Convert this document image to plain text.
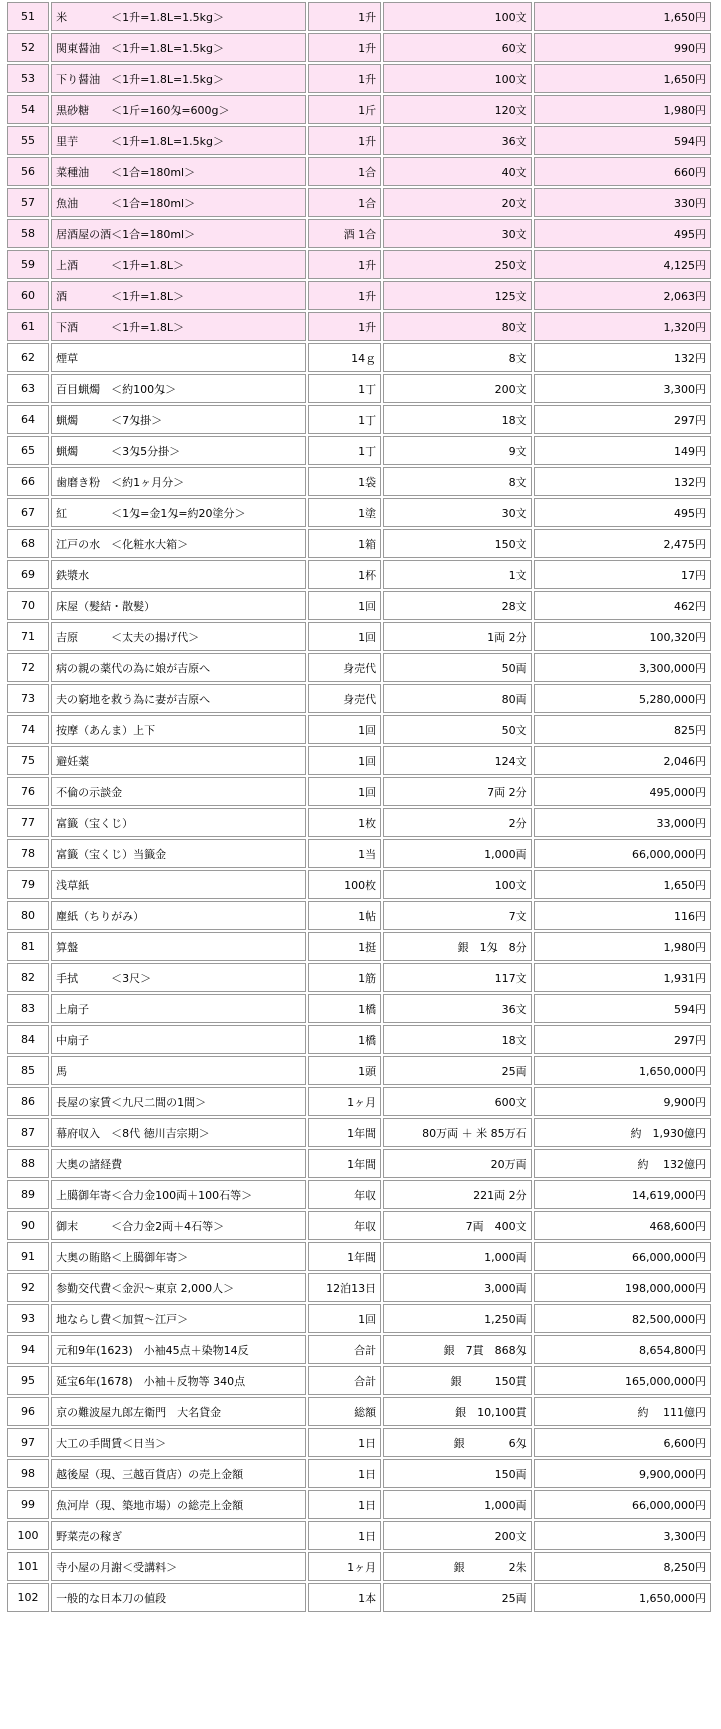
51	米　　　　＜1升=1.8L=1.5kg＞	1升	100文	1,650円
52	関東醤油　＜1升=1.8L=1.5kg＞	1升	60文	990円
53	下り醤油　＜1升=1.8L=1.5kg＞	1升	100文	1,650円
54	黒砂糖　　＜1斤=160匁=600g＞	1斤	120文	1,980円
55	里芋　　　＜1升=1.8L=1.5kg＞	1升	36文	594円
56	菜種油　　＜1合=180ml＞	1合	40文	660円
57	魚油　　　＜1合=180ml＞	1合	20文	330円
58	居酒屋の酒＜1合=180ml＞	酒 1合	30文	495円
59	上酒　　　＜1升=1.8L＞	1升	250文	4,125円
60	酒　　　　＜1升=1.8L＞	1升	125文	2,063円
61	下酒　　　＜1升=1.8L＞	1升	80文	1,320円
62	煙草	14ｇ	8文	132円
63	百目蝋燭　＜約100匁＞	1丁	200文	3,300円
64	蝋燭　　　＜7匁掛＞	1丁	18文	297円
65	蝋燭　　　＜3匁5分掛＞	1丁	9文	149円
66	歯磨き粉　＜約1ヶ月分＞	1袋	8文	132円
67	紅　　　　＜1匁=金1匁=約20塗分＞	1塗	30文	495円
68	江戸の水　＜化粧水大箱＞	1箱	150文	2,475円
69	鉄漿水	1杯	1文	17円
70	床屋（髪結・散髪）	1回	28文	462円
71	吉原　　　＜太夫の揚げ代＞	1回	1両 2分	100,320円
72	病の親の薬代の為に娘が吉原へ	身売代	50両	3,300,000円
73	夫の窮地を救う為に妻が吉原へ	身売代	80両	5,280,000円
74	按摩（あんま）上下	1回	50文	825円
75	避妊薬	1回	124文	2,046円
76	不倫の示談金	1回	7両 2分	495,000円
77	富籤（宝くじ）	1枚	2分	33,000円
78	富籤（宝くじ）当籤金	1当	1,000両	66,000,000円
79	浅草紙	100枚	100文	1,650円
80	塵紙（ちりがみ）	1帖	7文	116円
81	算盤	1挺	銀　1匁　8分	1,980円
82	手拭　　　＜3尺＞	1筋	117文	1,931円
83	上扇子	1橋	36文	594円
84	中扇子	1橋	18文	297円
85	馬	1頭	25両	1,650,000円
86	長屋の家賃＜九尺二間の1間＞	1ヶ月	600文	9,900円
87	幕府収入　＜8代 徳川吉宗期＞	1年間	80万両 ＋ 米 85万石	約　1,930億円
88	大奥の諸経費	1年間	20万両	約　 132億円
89	上臈御年寄＜合力金100両＋100石等＞	年収	221両 2分	14,619,000円
90	御末　　　＜合力金2両＋4石等＞	年収	7両　400文	468,600円
91	大奥の賄賂＜上臈御年寄＞	1年間	1,000両	66,000,000円
92	参勤交代費＜金沢〜東京 2,000人＞	12泊13日	3,000両	198,000,000円
93	地ならし費＜加賀〜江戸＞	1回	1,250両	82,500,000円
94	元和9年(1623)　小袖45点＋染物14反	合計	銀　7貫　868匁	8,654,800円
95	延宝6年(1678)　小袖＋反物等 340点	合計	銀　　　150貫	165,000,000円
96	京の難波屋九郎左衛門　大名貸金	総額	銀　10,100貫	約　 111億円
97	大工の手間賃＜日当＞	1日	銀　　　　6匁	6,600円
98	越後屋（現、三越百貨店）の売上金額	1日	150両	9,900,000円
99	魚河岸（現、築地市場）の総売上金額	1日	1,000両	66,000,000円
100	野菜売の稼ぎ	1日	200文	3,300円
101	寺小屋の月謝＜受講料＞	1ヶ月	銀　　　　2朱	8,250円
102	一般的な日本刀の値段	1本	25両	1,650,000円
